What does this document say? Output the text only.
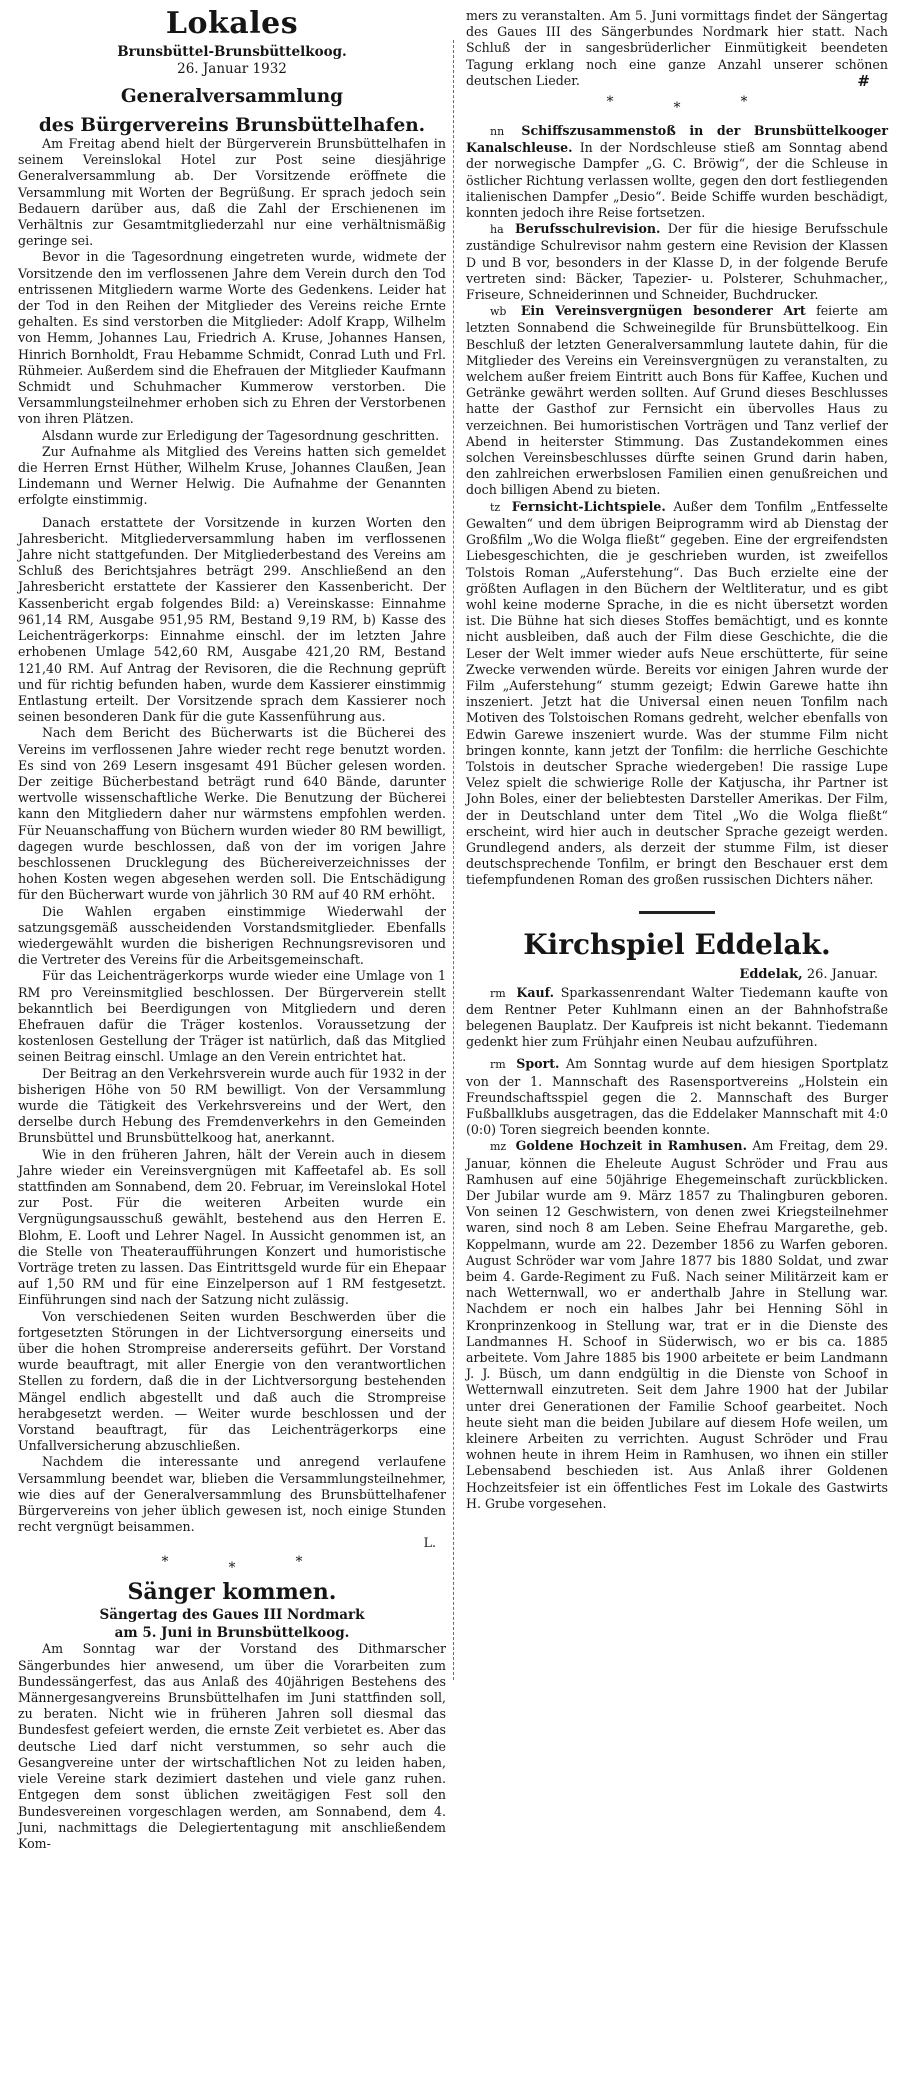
Lokales
Brunsbüttel-Brunsbüttelkoog.
26. Januar 1932
Generalversammlung
des Bürgervereins Brunsbüttelhafen.

Am Freitag abend hielt der Bürgerverein Brunsbüttelhafen in seinem Vereinslokal Hotel zur Post seine diesjährige Generalversammlung ab. Der Vorsitzende eröffnete die Versammlung mit Worten der Begrüßung. Er sprach jedoch sein Bedauern darüber aus, daß die Zahl der Erschienenen im Verhältnis zur Gesamtmitgliederzahl nur eine verhältnismäßig geringe sei.

Bevor in die Tagesordnung eingetreten wurde, widmete der Vorsitzende den im verflossenen Jahre dem Verein durch den Tod entrissenen Mitgliedern warme Worte des Gedenkens. Leider hat der Tod in den Reihen der Mitglieder des Vereins reiche Ernte gehalten. Es sind verstorben die Mitglieder: Adolf Krapp, Wilhelm von Hemm, Johannes Lau, Friedrich A. Kruse, Johannes Hansen, Hinrich Bornholdt, Frau Hebamme Schmidt, Conrad Luth und Frl. Rühmeier. Außerdem sind die Ehefrauen der Mitglieder Kaufmann Schmidt und Schuhmacher Kummerow verstorben. Die Versammlungsteilnehmer erhoben sich zu Ehren der Verstorbenen von ihren Plätzen.

Alsdann wurde zur Erledigung der Tagesordnung geschritten.

Zur Aufnahme als Mitglied des Vereins hatten sich gemeldet die Herren Ernst Hüther, Wilhelm Kruse, Johannes Claußen, Jean Lindemann und Werner Helwig. Die Aufnahme der Genannten erfolgte einstimmig.

Danach erstattete der Vorsitzende in kurzen Worten den Jahresbericht. Mitgliederversammlung haben im verflossenen Jahre nicht stattgefunden. Der Mitgliederbestand des Vereins am Schluß des Berichtsjahres beträgt 299. Anschließend an den Jahresbericht erstattete der Kassierer den Kassenbericht. Der Kassenbericht ergab folgendes Bild: a) Vereinskasse: Einnahme 961,14 RM, Ausgabe 951,95 RM, Bestand 9,19 RM, b) Kasse des Leichenträgerkorps: Einnahme einschl. der im letzten Jahre erhobenen Umlage 542,60 RM, Ausgabe 421,20 RM, Bestand 121,40 RM. Auf Antrag der Revisoren, die die Rechnung geprüft und für richtig befunden haben, wurde dem Kassierer einstimmig Entlastung erteilt. Der Vorsitzende sprach dem Kassierer noch seinen besonderen Dank für die gute Kassenführung aus.

Nach dem Bericht des Bücherwarts ist die Bücherei des Vereins im verflossenen Jahre wieder recht rege benutzt worden. Es sind von 269 Lesern insgesamt 491 Bücher gelesen worden. Der zeitige Bücherbestand beträgt rund 640 Bände, darunter wertvolle wissenschaftliche Werke. Die Benutzung der Bücherei kann den Mitgliedern daher nur wärmstens empfohlen werden. Für Neuanschaffung von Büchern wurden wieder 80 RM bewilligt, dagegen wurde beschlossen, daß von der im vorigen Jahre beschlossenen Drucklegung des Büchereiverzeichnisses der hohen Kosten wegen abgesehen werden soll. Die Entschädigung für den Bücherwart wurde von jährlich 30 RM auf 40 RM erhöht.

Die Wahlen ergaben einstimmige Wiederwahl der satzungsgemäß ausscheidenden Vorstandsmitglieder. Ebenfalls wiedergewählt wurden die bisherigen Rechnungsrevisoren und die Vertreter des Vereins für die Arbeitsgemeinschaft.

Für das Leichenträgerkorps wurde wieder eine Umlage von 1 RM pro Vereinsmitglied beschlossen. Der Bürgerverein stellt bekanntlich bei Beerdigungen von Mitgliedern und deren Ehefrauen dafür die Träger kostenlos. Voraussetzung der kostenlosen Gestellung der Träger ist natürlich, daß das Mitglied seinen Beitrag einschl. Umlage an den Verein entrichtet hat.

Der Beitrag an den Verkehrsverein wurde auch für 1932 in der bisherigen Höhe von 50 RM bewilligt. Von der Versammlung wurde die Tätigkeit des Verkehrsvereins und der Wert, den derselbe durch Hebung des Fremdenverkehrs in den Gemeinden Brunsbüttel und Brunsbüttelkoog hat, anerkannt.

Wie in den früheren Jahren, hält der Verein auch in diesem Jahre wieder ein Vereinsvergnügen mit Kaffeetafel ab. Es soll stattfinden am Sonnabend, dem 20. Februar, im Vereinslokal Hotel zur Post. Für die weiteren Arbeiten wurde ein Vergnügungsausschuß gewählt, bestehend aus den Herren E. Blohm, E. Looft und Lehrer Nagel. In Aussicht genommen ist, an die Stelle von Theateraufführungen Konzert und humoristische Vorträge treten zu lassen. Das Eintrittsgeld wurde für ein Ehepaar auf 1,50 RM und für eine Einzelperson auf 1 RM festgesetzt. Einführungen sind nach der Satzung nicht zulässig.

Von verschiedenen Seiten wurden Beschwerden über die fortgesetzten Störungen in der Lichtversorgung einerseits und über die hohen Strompreise andererseits geführt. Der Vorstand wurde beauftragt, mit aller Energie von den verantwortlichen Stellen zu fordern, daß die in der Lichtversorgung bestehenden Mängel endlich abgestellt und daß auch die Strompreise herabgesetzt werden. — Weiter wurde beschlossen und der Vorstand beauftragt, für das Leichenträgerkorps eine Unfallversicherung abzuschließen.

Nachdem die interessante und anregend verlaufene Versammlung beendet war, blieben die Versammlungsteilnehmer, wie dies auf der Generalversammlung des Brunsbüttelhafener Bürgervereins von jeher üblich gewesen ist, noch einige Stunden recht vergnügt beisammen.

L.
***
Sänger kommen.
Sängertag des Gaues III Nordmark
am 5. Juni in Brunsbüttelkoog.

Am Sonntag war der Vorstand des Dithmarscher Sängerbundes hier anwesend, um über die Vorarbeiten zum Bundessängerfest, das aus Anlaß des 40jährigen Bestehens des Männergesangvereins Brunsbüttelhafen im Juni stattfinden soll, zu beraten. Nicht wie in früheren Jahren soll diesmal das Bundesfest gefeiert werden, die ernste Zeit verbietet es. Aber das deutsche Lied darf nicht verstummen, so sehr auch die Gesangvereine unter der wirtschaftlichen Not zu leiden haben, viele Vereine stark dezimiert dastehen und viele ganz ruhen. Entgegen dem sonst üblichen zweitägigen Fest soll den Bundesvereinen vorgeschlagen werden, am Sonnabend, dem 4. Juni, nachmittags die Delegiertentagung mit anschließendem Kom-

mers zu veranstalten. Am 5. Juni vormittags findet der Sängertag des Gaues III des Sängerbundes Nordmark hier statt. Nach Schluß der in sangesbrüderlicher Einmütigkeit beendeten Tagung erklang noch eine ganze Anzahl unserer schönen deutschen Lieder.	#

***

nn Schiffszusammenstoß in der Brunsbüttelkooger Kanalschleuse. In der Nordschleuse stieß am Sonntag abend der norwegische Dampfer „G. C. Bröwig“, der die Schleuse in östlicher Richtung verlassen wollte, gegen den dort festliegenden italienischen Dampfer „Desio“. Beide Schiffe wurden beschädigt, konnten jedoch ihre Reise fortsetzen.

ha Berufsschulrevision. Der für die hiesige Berufsschule zuständige Schulrevisor nahm gestern eine Revision der Klassen D und B vor, besonders in der Klasse D, in der folgende Berufe vertreten sind: Bäcker, Tapezier- u. Polsterer, Schuhmacher,, Friseure, Schneiderinnen und Schneider, Buchdrucker.

wb Ein Vereinsvergnügen besonderer Art feierte am letzten Sonnabend die Schweinegilde für Brunsbüttelkoog. Ein Beschluß der letzten Generalversammlung lautete dahin, für die Mitglieder des Vereins ein Vereinsvergnügen zu veranstalten, zu welchem außer freiem Eintritt auch Bons für Kaffee, Kuchen und Getränke gewährt werden sollten. Auf Grund dieses Beschlusses hatte der Gasthof zur Fernsicht ein übervolles Haus zu verzeichnen. Bei humoristischen Vorträgen und Tanz verlief der Abend in heiterster Stimmung. Das Zustandekommen eines solchen Vereinsbeschlusses dürfte seinen Grund darin haben, den zahlreichen erwerbslosen Familien einen genußreichen und doch billigen Abend zu bieten.

tz Fernsicht-Lichtspiele. Außer dem Tonfilm „Entfesselte Gewalten“ und dem übrigen Beiprogramm wird ab Dienstag der Großfilm „Wo die Wolga fließt“ gegeben. Eine der ergreifendsten Liebesgeschichten, die je geschrieben wurden, ist zweifellos Tolstois Roman „Auferstehung“. Das Buch erzielte eine der größten Auflagen in den Büchern der Weltliteratur, und es gibt wohl keine moderne Sprache, in die es nicht übersetzt worden ist. Die Bühne hat sich dieses Stoffes bemächtigt, und es konnte nicht ausbleiben, daß auch der Film diese Geschichte, die die Leser der Welt immer wieder aufs Neue erschütterte, für seine Zwecke verwenden würde. Bereits vor einigen Jahren wurde der Film „Auferstehung“ stumm gezeigt; Edwin Garewe hatte ihn inszeniert. Jetzt hat die Universal einen neuen Tonfilm nach Motiven des Tolstoischen Romans gedreht, welcher ebenfalls von Edwin Garewe inszeniert wurde. Was der stumme Film nicht bringen konnte, kann jetzt der Tonfilm: die herrliche Geschichte Tolstois in deutscher Sprache wiedergeben! Die rassige Lupe Velez spielt die schwierige Rolle der Katjuscha, ihr Partner ist John Boles, einer der beliebtesten Darsteller Amerikas. Der Film, der in Deutschland unter dem Titel „Wo die Wolga fließt“ erscheint, wird hier auch in deutscher Sprache gezeigt werden. Grundlegend anders, als derzeit der stumme Film, ist dieser deutschsprechende Tonfilm, er bringt den Beschauer erst dem tiefempfundenen Roman des großen russischen Dichters näher.

Kirchspiel Eddelak.
Eddelak, 26. Januar.

rm Kauf. Sparkassenrendant Walter Tiedemann kaufte von dem Rentner Peter Kuhlmann einen an der Bahnhofstraße belegenen Bauplatz. Der Kaufpreis ist nicht bekannt. Tiedemann gedenkt hier zum Frühjahr einen Neubau aufzuführen.

rm Sport. Am Sonntag wurde auf dem hiesigen Sportplatz von der 1. Mannschaft des Rasensportvereins „Holstein ein Freundschaftsspiel gegen die 2. Mannschaft des Burger Fußballklubs ausgetragen, das die Eddelaker Mannschaft mit 4:0 (0:0) Toren siegreich beenden konnte.

mz Goldene Hochzeit in Ramhusen. Am Freitag, dem 29. Januar, können die Eheleute August Schröder und Frau aus Ramhusen auf eine 50jährige Ehegemeinschaft zurückblicken. Der Jubilar wurde am 9. März 1857 zu Thalingburen geboren. Von seinen 12 Geschwistern, von denen zwei Kriegsteilnehmer waren, sind noch 8 am Leben. Seine Ehefrau Margarethe, geb. Koppelmann, wurde am 22. Dezember 1856 zu Warfen geboren. August Schröder war vom Jahre 1877 bis 1880 Soldat, und zwar beim 4. Garde-Regiment zu Fuß. Nach seiner Militärzeit kam er nach Wetternwall, wo er anderthalb Jahre in Stellung war. Nachdem er noch ein halbes Jahr bei Henning Söhl in Kronprinzenkoog in Stellung war, trat er in die Dienste des Landmannes H. Schoof in Süderwisch, wo er bis ca. 1885 arbeitete. Vom Jahre 1885 bis 1900 arbeitete er beim Landmann J. J. Büsch, um dann endgültig in die Dienste von Schoof in Wetternwall einzutreten. Seit dem Jahre 1900 hat der Jubilar unter drei Generationen der Familie Schoof gearbeitet. Noch heute sieht man die beiden Jubilare auf diesem Hofe weilen, um kleinere Arbeiten zu verrichten. August Schröder und Frau wohnen heute in ihrem Heim in Ramhusen, wo ihnen ein stiller Lebensabend beschieden ist. Aus Anlaß ihrer Goldenen Hochzeitsfeier ist ein öffentliches Fest im Lokale des Gastwirts H. Grube vorgesehen.
